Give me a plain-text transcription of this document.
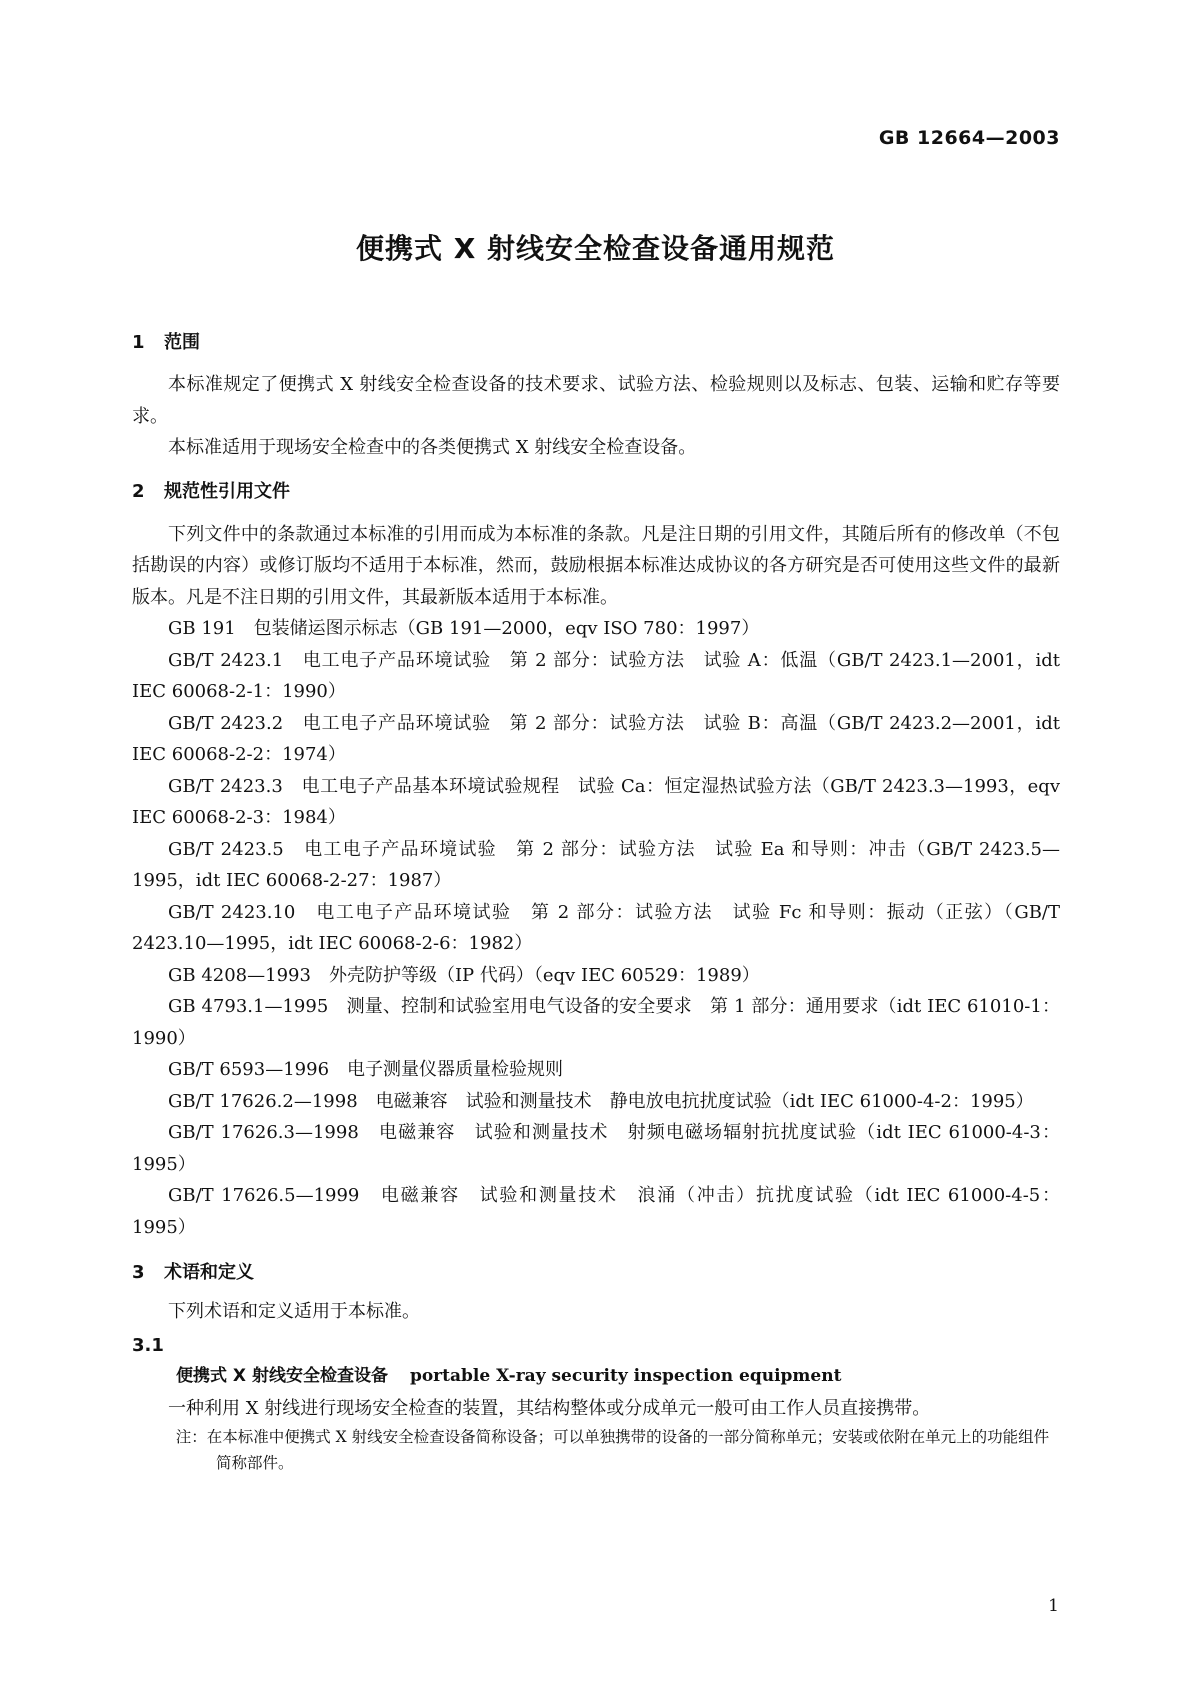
GB 12664—2003
便携式 X 射线安全检查设备通用规范
1 范围

本标准规定了便携式 X 射线安全检查设备的技术要求、试验方法、检验规则以及标志、包装、运输和贮存等要求。

本标准适用于现场安全检查中的各类便携式 X 射线安全检查设备。

2 规范性引用文件

下列文件中的条款通过本标准的引用而成为本标准的条款。凡是注日期的引用文件，其随后所有的修改单（不包括勘误的内容）或修订版均不适用于本标准，然而，鼓励根据本标准达成协议的各方研究是否可使用这些文件的最新版本。凡是不注日期的引用文件，其最新版本适用于本标准。

GB 191　包装储运图示标志（GB 191—2000，eqv ISO 780：1997）
GB/T 2423.1　电工电子产品环境试验　第 2 部分：试验方法　试验 A：低温（GB/T 2423.1—2001，idt IEC 60068-2-1：1990）
GB/T 2423.2　电工电子产品环境试验　第 2 部分：试验方法　试验 B：高温（GB/T 2423.2—2001，idt IEC 60068-2-2：1974）
GB/T 2423.3　电工电子产品基本环境试验规程　试验 Ca：恒定湿热试验方法（GB/T 2423.3—1993，eqv IEC 60068-2-3：1984）
GB/T 2423.5　电工电子产品环境试验　第 2 部分：试验方法　试验 Ea 和导则：冲击（GB/T 2423.5—1995，idt IEC 60068-2-27：1987）
GB/T 2423.10　电工电子产品环境试验　第 2 部分：试验方法　试验 Fc 和导则：振动（正弦）（GB/T 2423.10—1995，idt IEC 60068-2-6：1982）
GB 4208—1993　外壳防护等级（IP 代码）（eqv IEC 60529：1989）
GB 4793.1—1995　测量、控制和试验室用电气设备的安全要求　第 1 部分：通用要求（idt IEC 61010-1：1990）
GB/T 6593—1996　电子测量仪器质量检验规则
GB/T 17626.2—1998　电磁兼容　试验和测量技术　静电放电抗扰度试验（idt IEC 61000-4-2：1995）
GB/T 17626.3—1998　电磁兼容　试验和测量技术　射频电磁场辐射抗扰度试验（idt IEC 61000-4-3：1995）
GB/T 17626.5—1999　电磁兼容　试验和测量技术　浪涌（冲击）抗扰度试验（idt IEC 61000-4-5：1995）
3 术语和定义

下列术语和定义适用于本标准。

3.1
便携式 X 射线安全检查设备 portable X-ray security inspection equipment
一种利用 X 射线进行现场安全检查的装置，其结构整体或分成单元一般可由工作人员直接携带。
注：在本标准中便携式 X 射线安全检查设备简称设备；可以单独携带的设备的一部分简称单元；安装或依附在单元上的功能组件简称部件。
1
